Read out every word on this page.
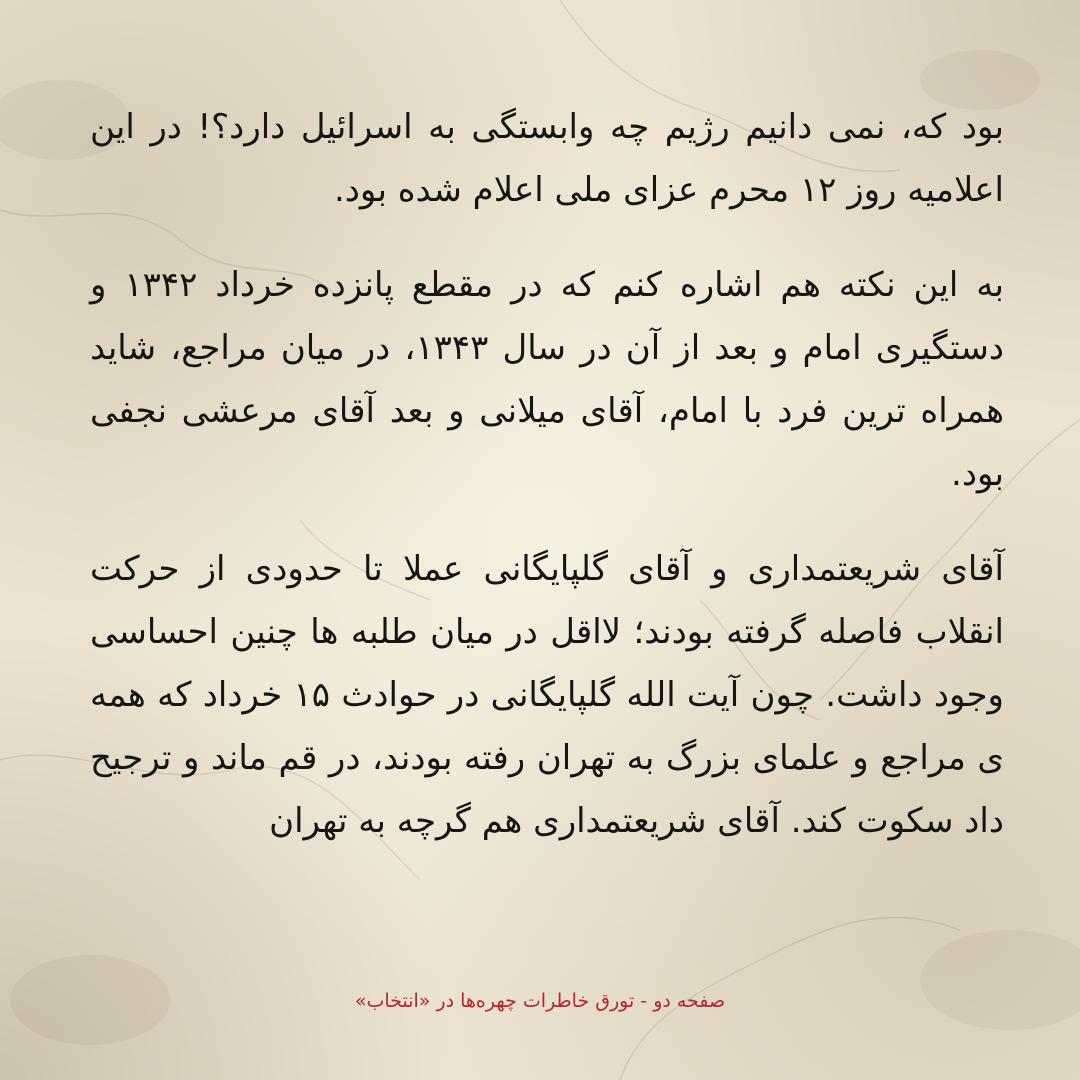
بود که، نمی دانیم رژیم چه وابستگی به اسرائیل دارد؟! در این اعلامیه روز ۱۲ محرم عزای ملی اعلام شده بود.

به این نکته هم اشاره کنم که در مقطع پانزده خرداد ۱۳۴۲ و دستگیری امام و بعد از آن در سال ۱۳۴۳، در میان مراجع، شاید همراه ترین فرد با امام، آقای میلانی و بعد آقای مرعشی نجفی بود.

آقای شریعتمداری و آقای گلپایگانی عملا تا حدودی از حرکت انقلاب فاصله گرفته بودند؛ لااقل در میان طلبه ها چنین احساسی وجود داشت. چون آیت الله گلپایگانی در حوادث ۱۵ خرداد که همه ی مراجع و علمای بزرگ به تهران رفته بودند، در قم ماند و ترجیح داد سکوت کند. آقای شریعتمداری هم گرچه به تهران

صفحه دو - تورق خاطرات چهره‌ها در «انتخاب»
